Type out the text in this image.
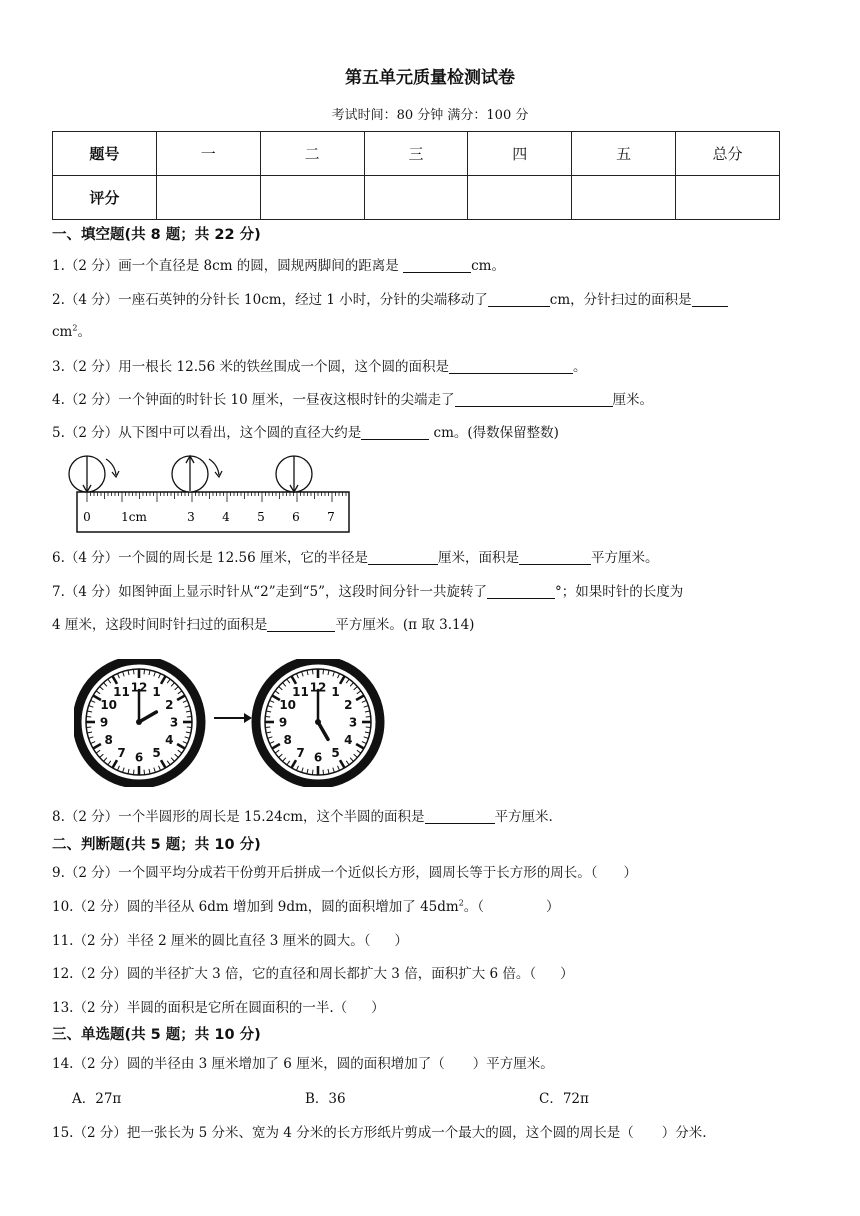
第五单元质量检测试卷
考试时间：80 分钟 满分：100 分
题号	一	二	三	四	五	总分
评分						
一、填空题(共 8 题；共 22 分)
1.（2 分）画一个直径是 8cm 的圆，圆规两脚间的距离是	cm。
2.（4 分）一座石英钟的分针长 10cm，经过 1 小时，分针的尖端移动了	cm，分针扫过的面积是
$cm^2$。
3.（2 分）用一根长 12.56 米的铁丝围成一个圆，这个圆的面积是	。
4.（2 分）一个钟面的时针长 10 厘米，一昼夜这根时针的尖端走了	厘米。
5.（2 分）从下图中可以看出，这个圆的直径大约是	cm。(得数保留整数)
0	1cm	3 4 5 6 7
6.（4 分）一个圆的周长是 12.56 厘米，它的半径是	厘米，面积是	平方厘米。
7.（4 分）如图钟面上显示时针从“2”走到“5”，这段时间分针一共旋转了	°；如果时针的长度为
4 厘米，这段时间时针扫过的面积是	平方厘米。(π 取 3.14)
12 1
2
3
4
5
6
7
8
9
10
11	12 1
2
3
4
5
6
7
8
9
10
11
8.（2 分）一个半圆形的周长是 15.24cm，这个半圆的面积是	平方厘米.
二、判断题(共 5 题；共 10 分)
9.（2 分）一个圆平均分成若干份剪开后拼成一个近似长方形，圆周长等于长方形的周长。（ ）
10.（2 分）圆的半径从 6dm 增加到 9dm，圆的面积增加了 $45dm^2$。（	）
11.（2 分）半径 2 厘米的圆比直径 3 厘米的圆大。（ ）
12.（2 分）圆的半径扩大 3 倍，它的直径和周长都扩大 3 倍，面积扩大 6 倍。（ ）
13.（2 分）半圆的面积是它所在圆面积的一半.（ ）
三、单选题(共 5 题；共 10 分)
14.（2 分）圆的半径由 3 厘米增加了 6 厘米，圆的面积增加了（ ）平方厘米。
A．27π	B．36	C．72π
15.（2 分）把一张长为 5 分米、宽为 4 分米的长方形纸片剪成一个最大的圆，这个圆的周长是（ ）分米.
